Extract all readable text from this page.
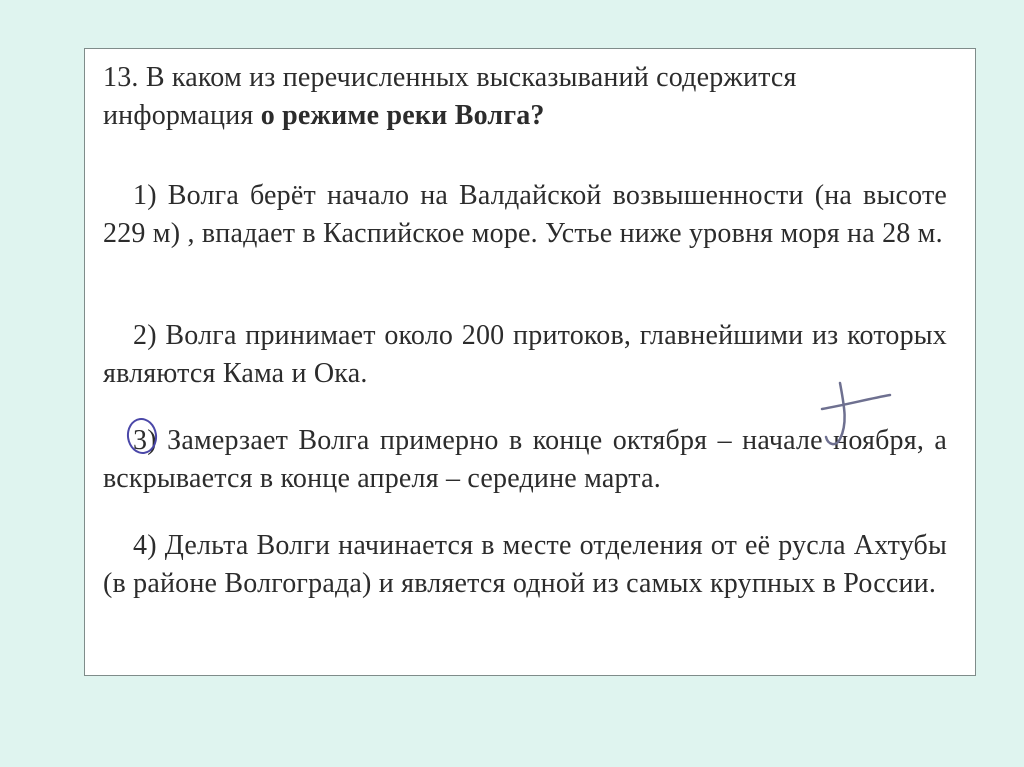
13. В каком из перечисленных высказываний содержится информация о режиме реки Волга?
1) Волга берёт начало на Валдайской возвышенности (на высоте 229 м) , впадает в Каспийское море. Устье ниже уровня моря на 28 м.
2) Волга принимает около 200 притоков, главнейшими из которых являются Кама и Ока.
3) Замерзает Волга примерно в конце октября – начале ноября, а вскрывается в конце апреля – середине марта.
4) Дельта Волги начинается в месте отделения от её русла Ахтубы (в районе Волгограда) и является одной из самых крупных в России.
